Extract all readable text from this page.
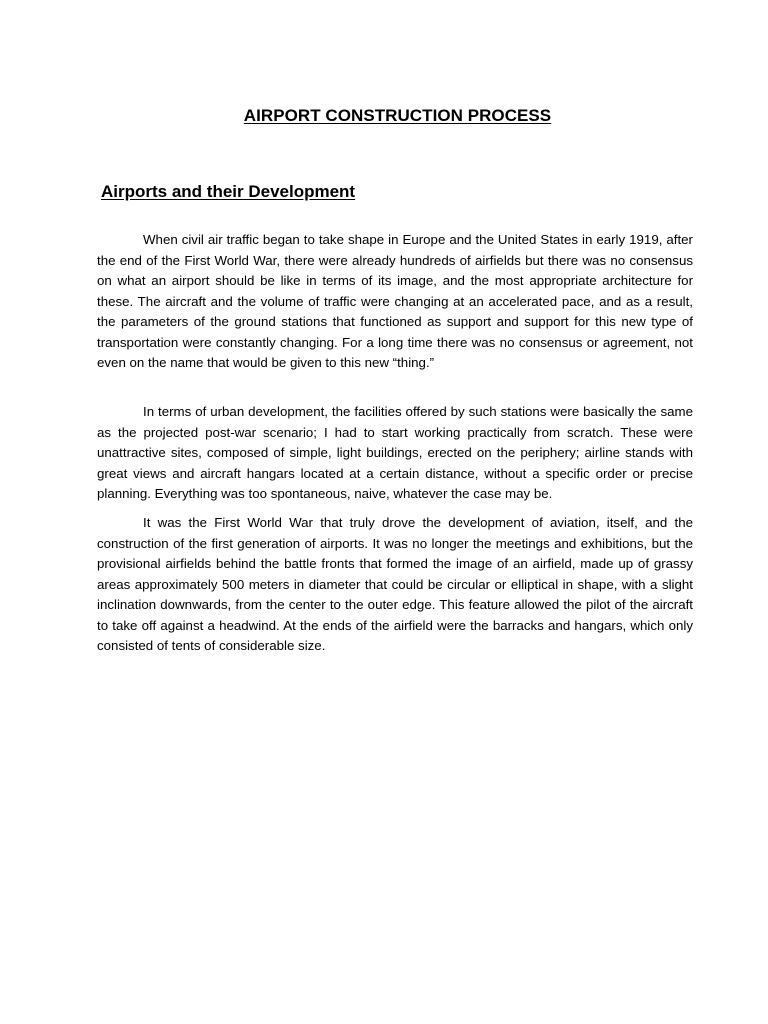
AIRPORT CONSTRUCTION PROCESS
Airports and their Development

When civil air traffic began to take shape in Europe and the United States in early 1919, after the end of the First World War, there were already hundreds of airfields but there was no consensus on what an airport should be like in terms of its image, and the most appropriate architecture for these. The aircraft and the volume of traffic were changing at an accelerated pace, and as a result, the parameters of the ground stations that functioned as support and support for this new type of transportation were constantly changing. For a long time there was no consensus or agreement, not even on the name that would be given to this new “thing.”

In terms of urban development, the facilities offered by such stations were basically the same as the projected post-war scenario; I had to start working practically from scratch. These were unattractive sites, composed of simple, light buildings, erected on the periphery; airline stands with great views and aircraft hangars located at a certain distance, without a specific order or precise planning. Everything was too spontaneous, naive, whatever the case may be.

It was the First World War that truly drove the development of aviation, itself, and the construction of the first generation of airports. It was no longer the meetings and exhibitions, but the provisional airfields behind the battle fronts that formed the image of an airfield, made up of grassy areas approximately 500 meters in diameter that could be circular or elliptical in shape, with a slight inclination downwards, from the center to the outer edge. This feature allowed the pilot of the aircraft to take off against a headwind. At the ends of the airfield were the barracks and hangars, which only consisted of tents of considerable size.
